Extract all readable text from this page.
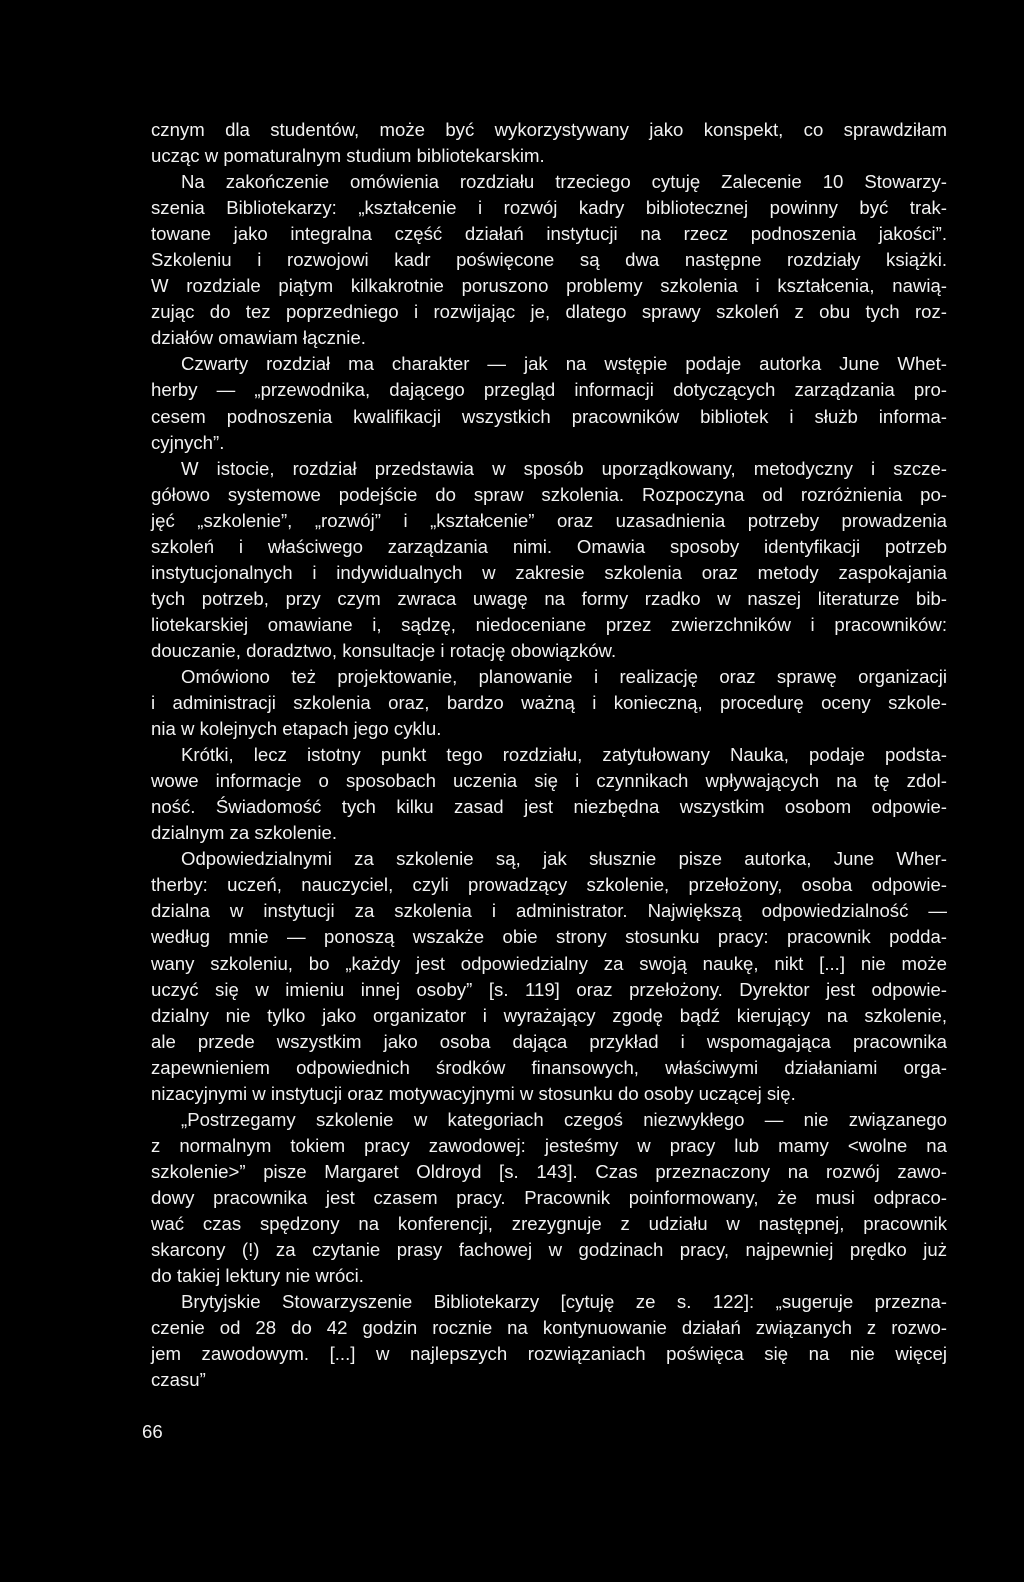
cznym dla studentów, może być wykorzystywany jako konspekt, co sprawdziłam
ucząc w pomaturalnym studium bibliotekarskim.
Na zakończenie omówienia rozdziału trzeciego cytuję Zalecenie 10 Stowarzy-
szenia Bibliotekarzy: „kształcenie i rozwój kadry bibliotecznej powinny być trak-
towane jako integralna część działań instytucji na rzecz podnoszenia jakości”.
Szkoleniu i rozwojowi kadr poświęcone są dwa następne rozdziały książki.
W rozdziale piątym kilkakrotnie poruszono problemy szkolenia i kształcenia, nawią-
zując do tez poprzedniego i rozwijając je, dlatego sprawy szkoleń z obu tych roz-
działów omawiam łącznie.
Czwarty rozdział ma charakter — jak na wstępie podaje autorka June Whet-
herby — „przewodnika, dającego przegląd informacji dotyczących zarządzania pro-
cesem podnoszenia kwalifikacji wszystkich pracowników bibliotek i służb informa-
cyjnych”.
W istocie, rozdział przedstawia w sposób uporządkowany, metodyczny i szcze-
gółowo systemowe podejście do spraw szkolenia. Rozpoczyna od rozróżnienia po-
jęć „szkolenie”, „rozwój” i „kształcenie” oraz uzasadnienia potrzeby prowadzenia
szkoleń i właściwego zarządzania nimi. Omawia sposoby identyfikacji potrzeb
instytucjonalnych i indywidualnych w zakresie szkolenia oraz metody zaspokajania
tych potrzeb, przy czym zwraca uwagę na formy rzadko w naszej literaturze bib-
liotekarskiej omawiane i, sądzę, niedoceniane przez zwierzchników i pracowników:
douczanie, doradztwo, konsultacje i rotację obowiązków.
Omówiono też projektowanie, planowanie i realizację oraz sprawę organizacji
i administracji szkolenia oraz, bardzo ważną i konieczną, procedurę oceny szkole-
nia w kolejnych etapach jego cyklu.
Krótki, lecz istotny punkt tego rozdziału, zatytułowany Nauka, podaje podsta-
wowe informacje o sposobach uczenia się i czynnikach wpływających na tę zdol-
ność. Świadomość tych kilku zasad jest niezbędna wszystkim osobom odpowie-
dzialnym za szkolenie.
Odpowiedzialnymi za szkolenie są, jak słusznie pisze autorka, June Wher-
therby: uczeń, nauczyciel, czyli prowadzący szkolenie, przełożony, osoba odpowie-
dzialna w instytucji za szkolenia i administrator. Największą odpowiedzialność —
według mnie — ponoszą wszakże obie strony stosunku pracy: pracownik podda-
wany szkoleniu, bo „każdy jest odpowiedzialny za swoją naukę, nikt [...] nie może
uczyć się w imieniu innej osoby” [s. 119] oraz przełożony. Dyrektor jest odpowie-
dzialny nie tylko jako organizator i wyrażający zgodę bądź kierujący na szkolenie,
ale przede wszystkim jako osoba dająca przykład i wspomagająca pracownika
zapewnieniem odpowiednich środków finansowych, właściwymi działaniami orga-
nizacyjnymi w instytucji oraz motywacyjnymi w stosunku do osoby uczącej się.
„Postrzegamy szkolenie w kategoriach czegoś niezwykłego — nie związanego
z normalnym tokiem pracy zawodowej: jesteśmy w pracy lub mamy <wolne na
szkolenie>” pisze Margaret Oldroyd [s. 143]. Czas przeznaczony na rozwój zawo-
dowy pracownika jest czasem pracy. Pracownik poinformowany, że musi odpraco-
wać czas spędzony na konferencji, zrezygnuje z udziału w następnej, pracownik
skarcony (!) za czytanie prasy fachowej w godzinach pracy, najpewniej prędko już
do takiej lektury nie wróci.
Brytyjskie Stowarzyszenie Bibliotekarzy [cytuję ze s. 122]: „sugeruje przezna-
czenie od 28 do 42 godzin rocznie na kontynuowanie działań związanych z rozwo-
jem zawodowym. [...] w najlepszych rozwiązaniach poświęca się na nie więcej
czasu”
66
